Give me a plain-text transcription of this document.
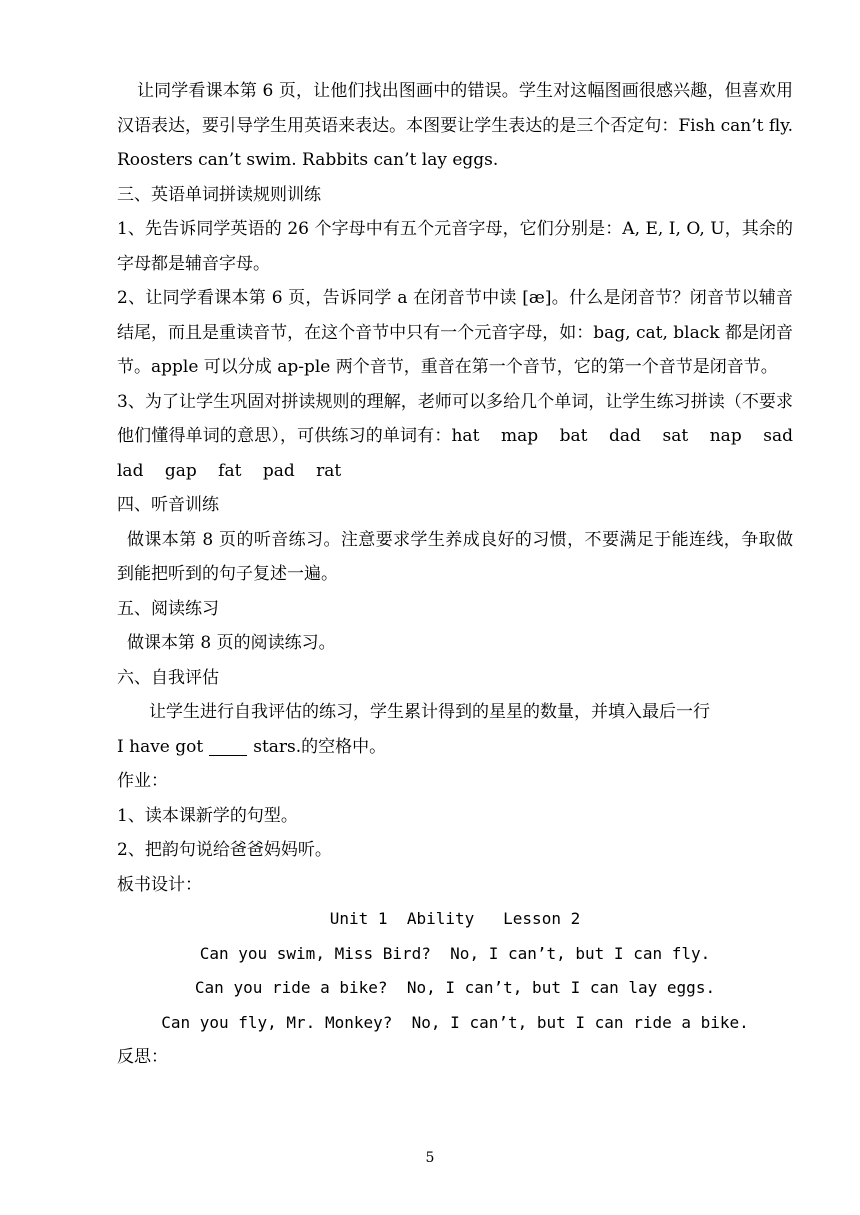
让同学看课本第 6 页，让他们找出图画中的错误。学生对这幅图画很感兴趣，但喜欢用汉语表达，要引导学生用英语来表达。本图要让学生表达的是三个否定句：Fish can’t fly. Roosters can’t swim. Rabbits can’t lay eggs.

三、英语单词拼读规则训练

1、先告诉同学英语的 26 个字母中有五个元音字母，它们分别是：A, E, I, O, U，其余的字母都是辅音字母。

2、让同学看课本第 6 页，告诉同学 a 在闭音节中读 [æ]。什么是闭音节？闭音节以辅音结尾，而且是重读音节，在这个音节中只有一个元音字母，如：bag, cat, black 都是闭音节。apple 可以分成 ap-ple 两个音节，重音在第一个音节，它的第一个音节是闭音节。

3、为了让学生巩固对拼读规则的理解，老师可以多给几个单词，让学生练习拼读（不要求他们懂得单词的意思），可供练习的单词有：hat map bat dad sat nap sad lad gap fat pad rat

四、听音训练

做课本第 8 页的听音练习。注意要求学生养成良好的习惯，不要满足于能连线，争取做到能把听到的句子复述一遍。

五、阅读练习

做课本第 8 页的阅读练习。

六、自我评估

让学生进行自我评估的练习，学生累计得到的星星的数量，并填入最后一行

I have got	stars.的空格中。

作业：

1、读本课新学的句型。

2、把韵句说给爸爸妈妈听。

板书设计：

Unit 1  Ability   Lesson 2

Can you swim, Miss Bird?  No, I can’t, but I can fly.

Can you ride a bike?  No, I can’t, but I can lay eggs.

Can you fly, Mr. Monkey?  No, I can’t, but I can ride a bike.

反思：

5
